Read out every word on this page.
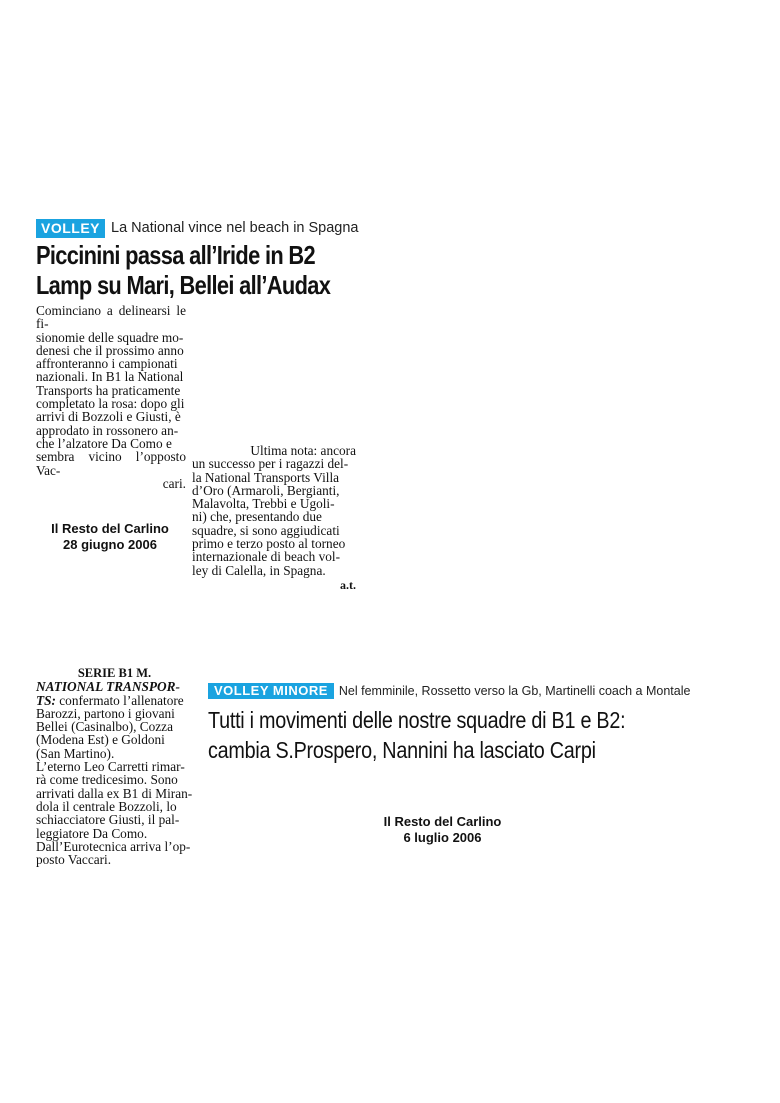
VOLLEY La National vince nel beach in Spagna
Piccinini passa all’Iride in B2
Lamp su Mari, Bellei all’Audax
Cominciano a delinearsi le fi-
sionomie delle squadre mo-
denesi che il prossimo anno
affronteranno i campionati
nazionali. In B1 la National
Transports ha praticamente
completato la rosa: dopo gli
arrivi di Bozzoli e Giusti, è
approdato in rossonero an-
che l’alzatore Da Como e
sembra vicino l’opposto Vac-
cari.
Ultima nota: ancora
un successo per i ragazzi del-
la National Transports Villa
d’Oro (Armaroli, Bergianti,
Malavolta, Trebbi e Ugoli-
ni) che, presentando due
squadre, si sono aggiudicati
primo e terzo posto al torneo
internazionale di beach vol-
ley di Calella, in Spagna.
a.t.
Il Resto del Carlino
28 giugno 2006
SERIE B1 M.
NATIONAL TRANSPOR-
TS: confermato l’allenatore
Barozzi, partono i giovani
Bellei (Casinalbo), Cozza
(Modena Est) e Goldoni
(San Martino).
L’eterno Leo Carretti rimar-
rà come tredicesimo. Sono
arrivati dalla ex B1 di Miran-
dola il centrale Bozzoli, lo
schiacciatore Giusti, il pal-
leggiatore Da Como.
Dall’Eurotecnica arriva l’op-
posto Vaccari.
VOLLEY MINORE Nel femminile, Rossetto verso la Gb, Martinelli coach a Montale
Tutti i movimenti delle nostre squadre di B1 e B2:
cambia S.Prospero, Nannini ha lasciato Carpi
Il Resto del Carlino
6 luglio 2006
